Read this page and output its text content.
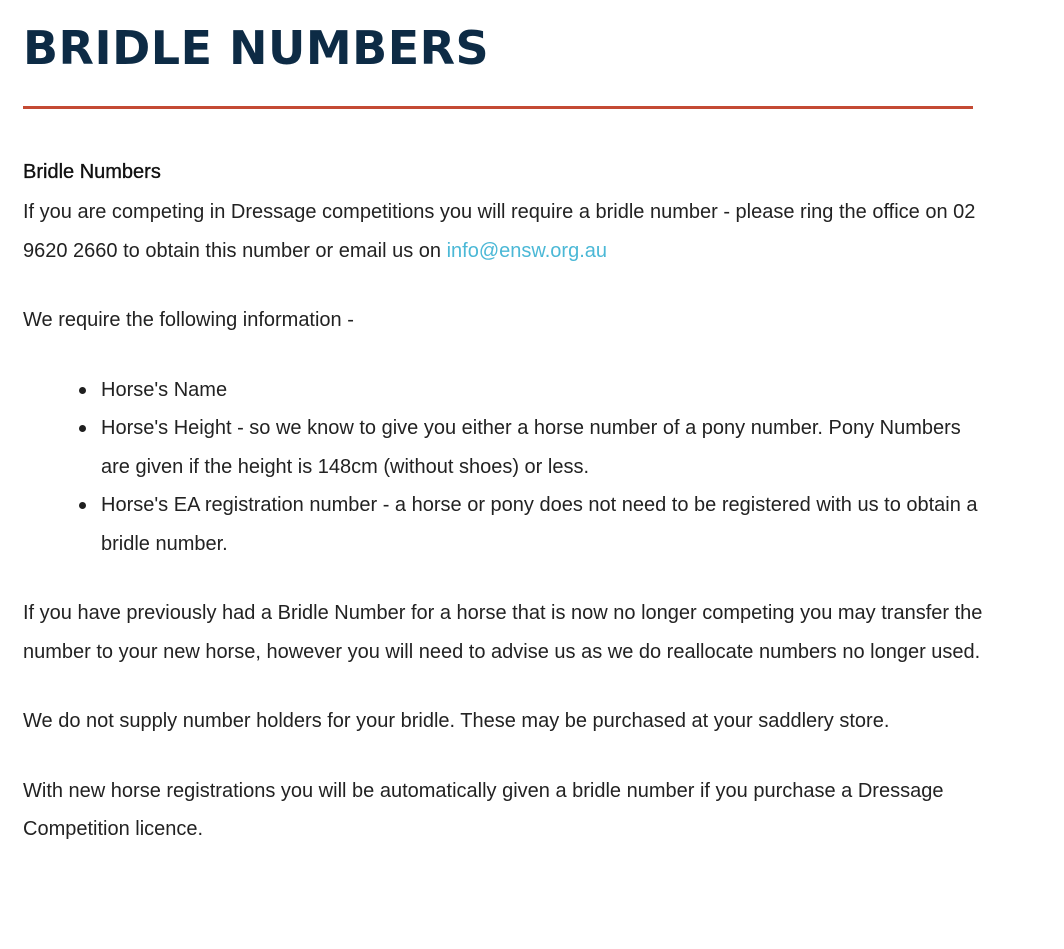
BRIDLE NUMBERS
Bridle Numbers

If you are competing in Dressage competitions you will require a bridle number - please ring the office on 02 9620 2660 to obtain this number or email us on info@ensw.org.au

We require the following information -

Horse's Name
Horse's Height - so we know to give you either a horse number of a pony number. Pony Numbers are given if the height is 148cm (without shoes) or less.
Horse's EA registration number - a horse or pony does not need to be registered with us to obtain a bridle number.

If you have previously had a Bridle Number for a horse that is now no longer competing you may transfer the number to your new horse, however you will need to advise us as we do reallocate numbers no longer used.

We do not supply number holders for your bridle. These may be purchased at your saddlery store.

With new horse registrations you will be automatically given a bridle number if you purchase a Dressage Competition licence.
